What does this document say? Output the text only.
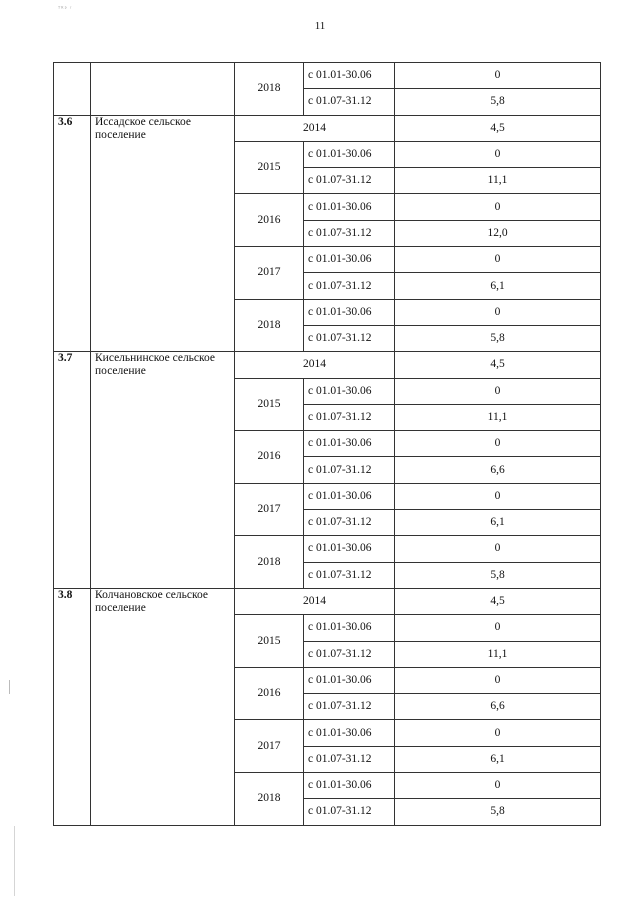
ᵀᴿᵖ ʳ
11
		2018	с 01.01-30.06	0
			с 01.07-31.12	5,8
3.6	Иссадское сельское поселение	2014		4,5
		2015	с 01.01-30.06	0
			с 01.07-31.12	11,1
		2016	с 01.01-30.06	0
			с 01.07-31.12	12,0
		2017	с 01.01-30.06	0
			с 01.07-31.12	6,1
		2018	с 01.01-30.06	0
			с 01.07-31.12	5,8
3.7	Кисельнинское сельское поселение	2014		4,5
		2015	с 01.01-30.06	0
			с 01.07-31.12	11,1
		2016	с 01.01-30.06	0
			с 01.07-31.12	6,6
		2017	с 01.01-30.06	0
			с 01.07-31.12	6,1
		2018	с 01.01-30.06	0
			с 01.07-31.12	5,8
3.8	Колчановское сельское поселение	2014		4,5
		2015	с 01.01-30.06	0
			с 01.07-31.12	11,1
		2016	с 01.01-30.06	0
			с 01.07-31.12	6,6
		2017	с 01.01-30.06	0
			с 01.07-31.12	6,1
		2018	с 01.01-30.06	0
			с 01.07-31.12	5,8
